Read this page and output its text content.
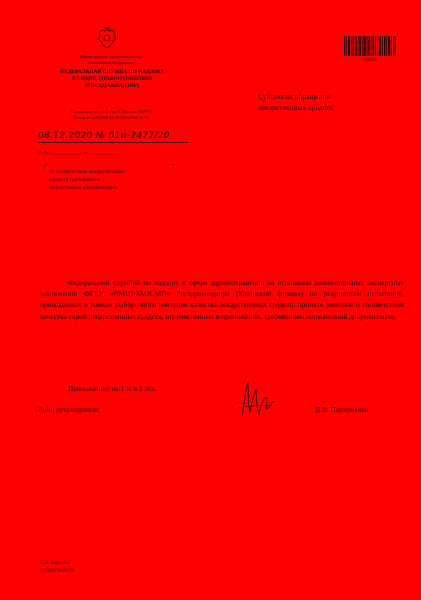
Министерство здравоохранения
Российской Федерации
ФЕДЕРАЛЬНАЯ СЛУЖБА ПО НАДЗОРУ
В СФЕРЕ ЗДРАВООХРАНЕНИЯ
(РОСЗДРАВНАДЗОР)
Славянская пл., д. 4, стр. 1, Москва, 109074
Телефон: (495) 698 45 38; (495) 698 15 74
7339609
Субъектам обращения
лекарственных средств
08.12.2020 № 01и-2477/20
На № ______________ от ______________
О соответствии лекарственных
средств требованиям
нормативной документации
Федеральной службой по надзору в сфере здравоохранения на основании положительных экспертных заключений ФГБУ «ИМЦЭУАОСМП» Росздравнадзора (Казанский филиал) по результатам испытаний, проведенных в рамках выборочного контроля качества лекарственных средств, принято решение о соответствии качества серий лекарственных средств, перечисленных в приложении, требованиям нормативной документации.
Приложение: на 1 л. в 1 экз.
Врио руководителя	Д.В. Пархоменко
С.А. Тарасова
8(499)578-06-79
